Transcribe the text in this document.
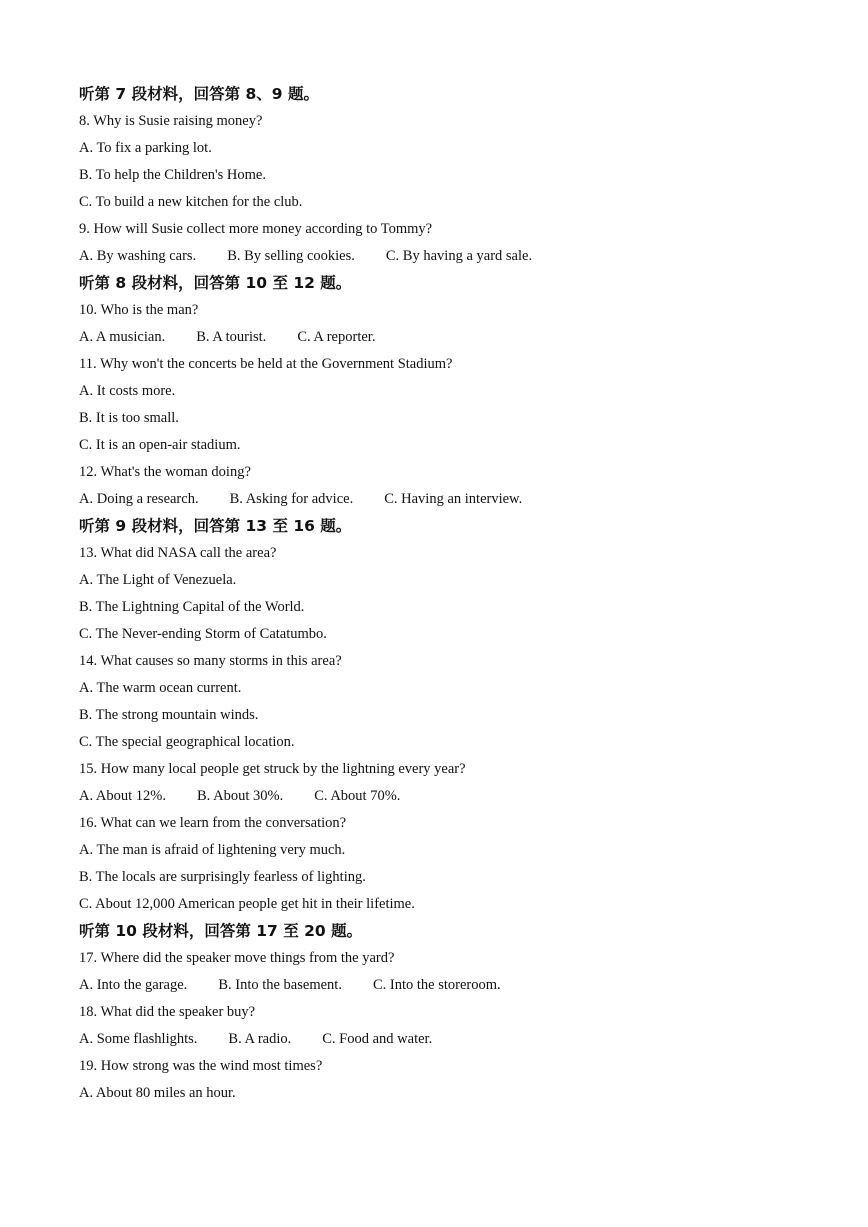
听第 7 段材料，回答第 8、9 题。
8. Why is Susie raising money?
A. To fix a parking lot.
B. To help the Children's Home.
C. To build a new kitchen for the club.
9. How will Susie collect more money according to Tommy?
A. By washing cars. B. By selling cookies. C. By having a yard sale.
听第 8 段材料，回答第 10 至 12 题。
10. Who is the man?
A. A musician. B. A tourist. C. A reporter.
11. Why won't the concerts be held at the Government Stadium?
A. It costs more.
B. It is too small.
C. It is an open-air stadium.
12. What's the woman doing?
A. Doing a research. B. Asking for advice. C. Having an interview.
听第 9 段材料，回答第 13 至 16 题。
13. What did NASA call the area?
A. The Light of Venezuela.
B. The Lightning Capital of the World.
C. The Never-ending Storm of Catatumbo.
14. What causes so many storms in this area?
A. The warm ocean current.
B. The strong mountain winds.
C. The special geographical location.
15. How many local people get struck by the lightning every year?
A. About 12%. B. About 30%. C. About 70%.
16. What can we learn from the conversation?
A. The man is afraid of lightening very much.
B. The locals are surprisingly fearless of lighting.
C. About 12,000 American people get hit in their lifetime.
听第 10 段材料，回答第 17 至 20 题。
17. Where did the speaker move things from the yard?
A. Into the garage. B. Into the basement. C. Into the storeroom.
18. What did the speaker buy?
A. Some flashlights. B. A radio. C. Food and water.
19. How strong was the wind most times?
A. About 80 miles an hour.
